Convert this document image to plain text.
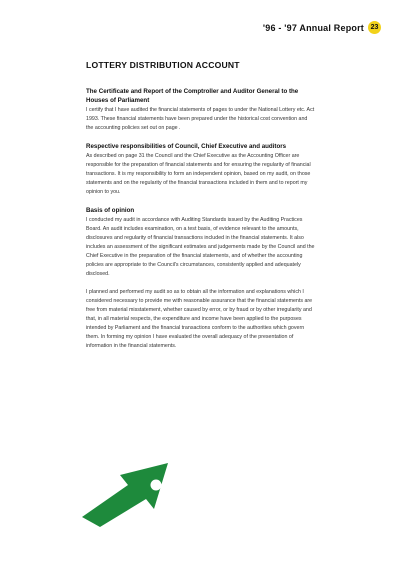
'96 - '97 Annual Report 23
LOTTERY DISTRIBUTION ACCOUNT
The Certificate and Report of the Comptroller and Auditor General to the Houses of Parliament

I certify that I have audited the financial statements of pages to under the National Lottery etc. Act 1993. These financial statements have been prepared under the historical cost convention and the accounting policies set out on page .

Respective responsibilities of Council, Chief Executive and auditors

As described on page 31 the Council and the Chief Executive as the Accounting Officer are responsible for the preparation of financial statements and for ensuring the regularity of financial transactions. It is my responsibility to form an independent opinion, based on my audit, on those statements and on the regularity of the financial transactions included in them and to report my opinion to you.

Basis of opinion

I conducted my audit in accordance with Auditing Standards issued by the Auditing Practices Board. An audit includes examination, on a test basis, of evidence relevant to the amounts, disclosures and regularity of financial transactions included in the financial statements. It also includes an assessment of the significant estimates and judgements made by the Council and the Chief Executive in the preparation of the financial statements, and of whether the accounting policies are appropriate to the Council's circumstances, consistently applied and adequately disclosed.

I planned and performed my audit so as to obtain all the information and explanations which I considered necessary to provide me with reasonable assurance that the financial statements are free from material misstatement, whether caused by error, or by fraud or by other irregularity and that, in all material respects, the expenditure and income have been applied to the purposes intended by Parliament and the financial transactions conform to the authorities which govern them. In forming my opinion I have evaluated the overall adequacy of the presentation of information in the financial statements.
